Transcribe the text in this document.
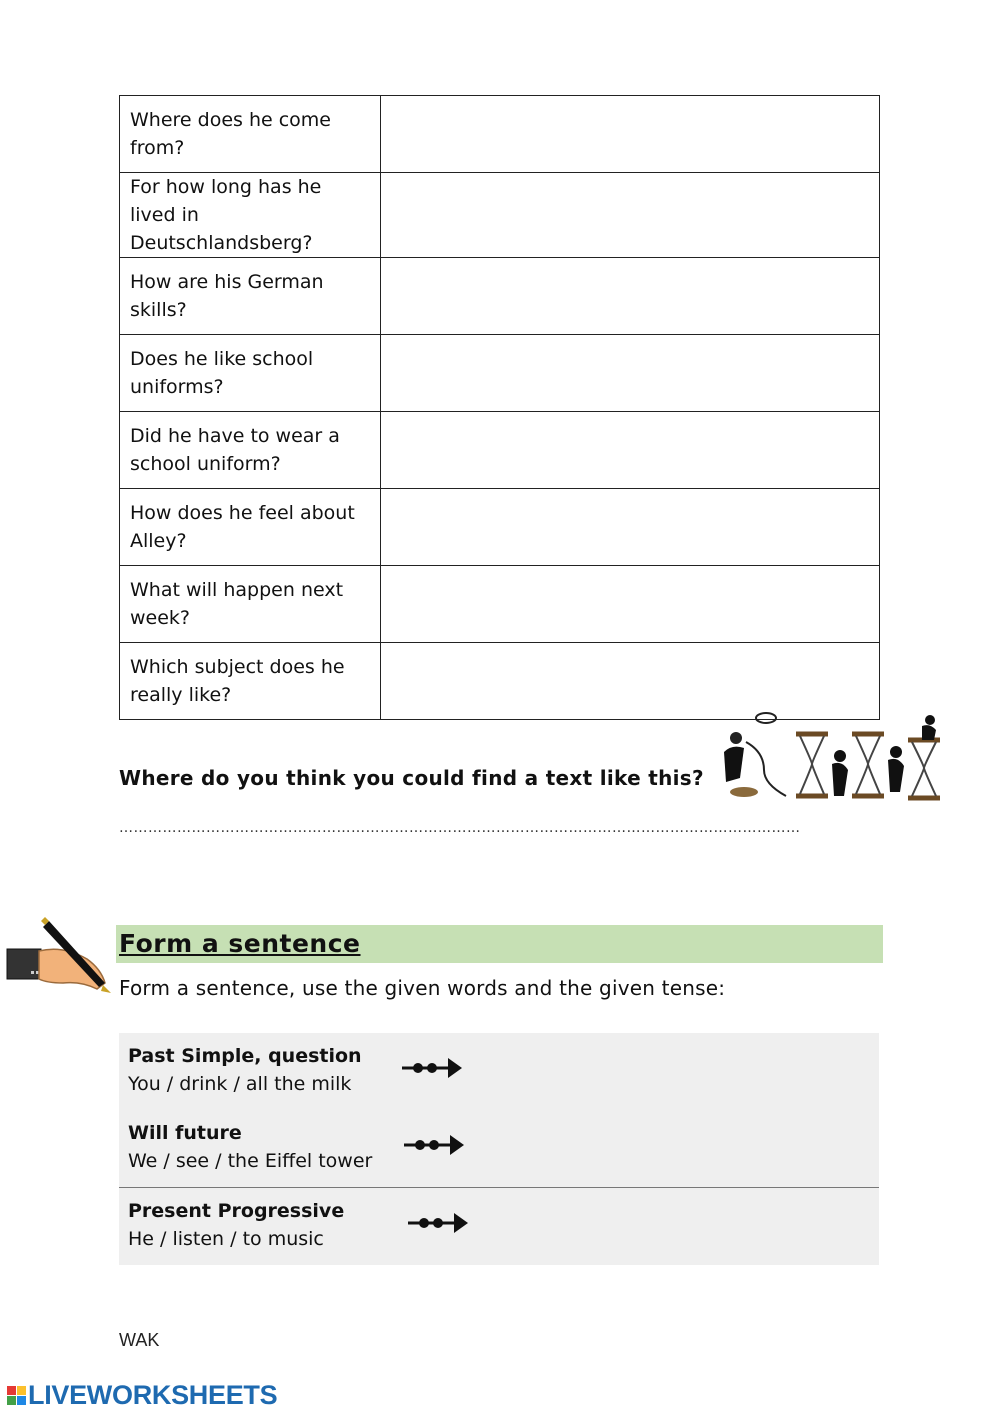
Where does he come from?	
For how long has he lived in Deutschlandsberg?	
How are his German skills?	
Does he like school uniforms?	
Did he have to wear a school uniform?	
How does he feel about Alley?	
What will happen next week?	
Which subject does he really like?	
Where do you think you could find a text like this?
……………………………………………………………………………………………………………………………
Form a sentence
Form a sentence, use the given words and the given tense:
Past Simple, question
You / drink / all the milk
Will future
We / see / the Eiffel tower
Present Progressive
He / listen / to music
WAK
LIVEWORKSHEETS
